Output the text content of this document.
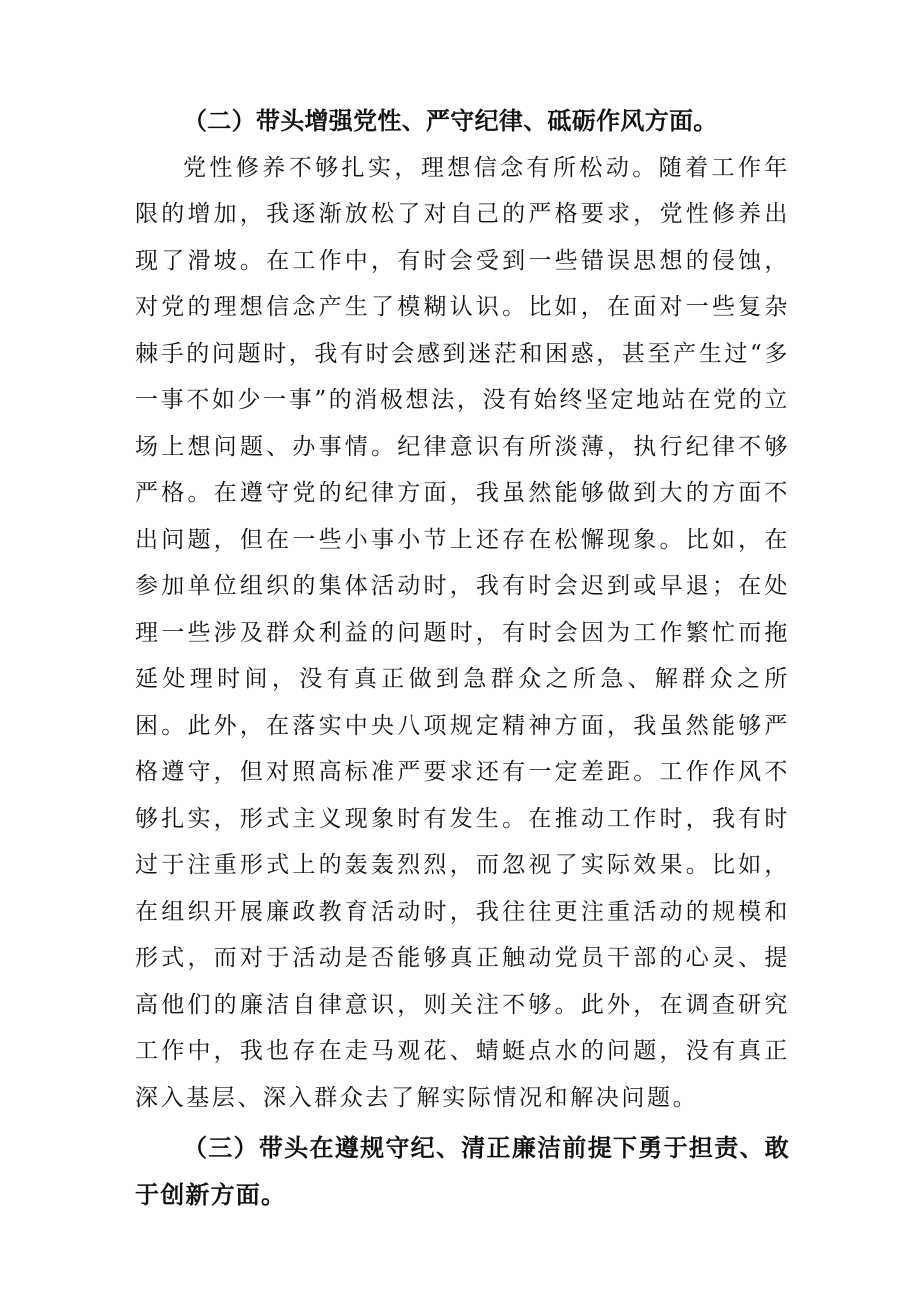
（二）带头增强党性、严守纪律、砥砺作风方面。

党性修养不够扎实，理想信念有所松动。随着工作年限的增加，我逐渐放松了对自己的严格要求，党性修养出现了滑坡。在工作中，有时会受到一些错误思想的侵蚀，对党的理想信念产生了模糊认识。比如，在面对一些复杂棘手的问题时，我有时会感到迷茫和困惑，甚至产生过“多一事不如少一事”的消极想法，没有始终坚定地站在党的立场上想问题、办事情。纪律意识有所淡薄，执行纪律不够严格。在遵守党的纪律方面，我虽然能够做到大的方面不出问题，但在一些小事小节上还存在松懈现象。比如，在参加单位组织的集体活动时，我有时会迟到或早退；在处理一些涉及群众利益的问题时，有时会因为工作繁忙而拖延处理时间，没有真正做到急群众之所急、解群众之所困。此外，在落实中央八项规定精神方面，我虽然能够严格遵守，但对照高标准严要求还有一定差距。工作作风不够扎实，形式主义现象时有发生。在推动工作时，我有时过于注重形式上的轰轰烈烈，而忽视了实际效果。比如，在组织开展廉政教育活动时，我往往更注重活动的规模和形式，而对于活动是否能够真正触动党员干部的心灵、提高他们的廉洁自律意识，则关注不够。此外，在调查研究工作中，我也存在走马观花、蜻蜓点水的问题，没有真正深入基层、深入群众去了解实际情况和解决问题。

（三）带头在遵规守纪、清正廉洁前提下勇于担责、敢于创新方面。
